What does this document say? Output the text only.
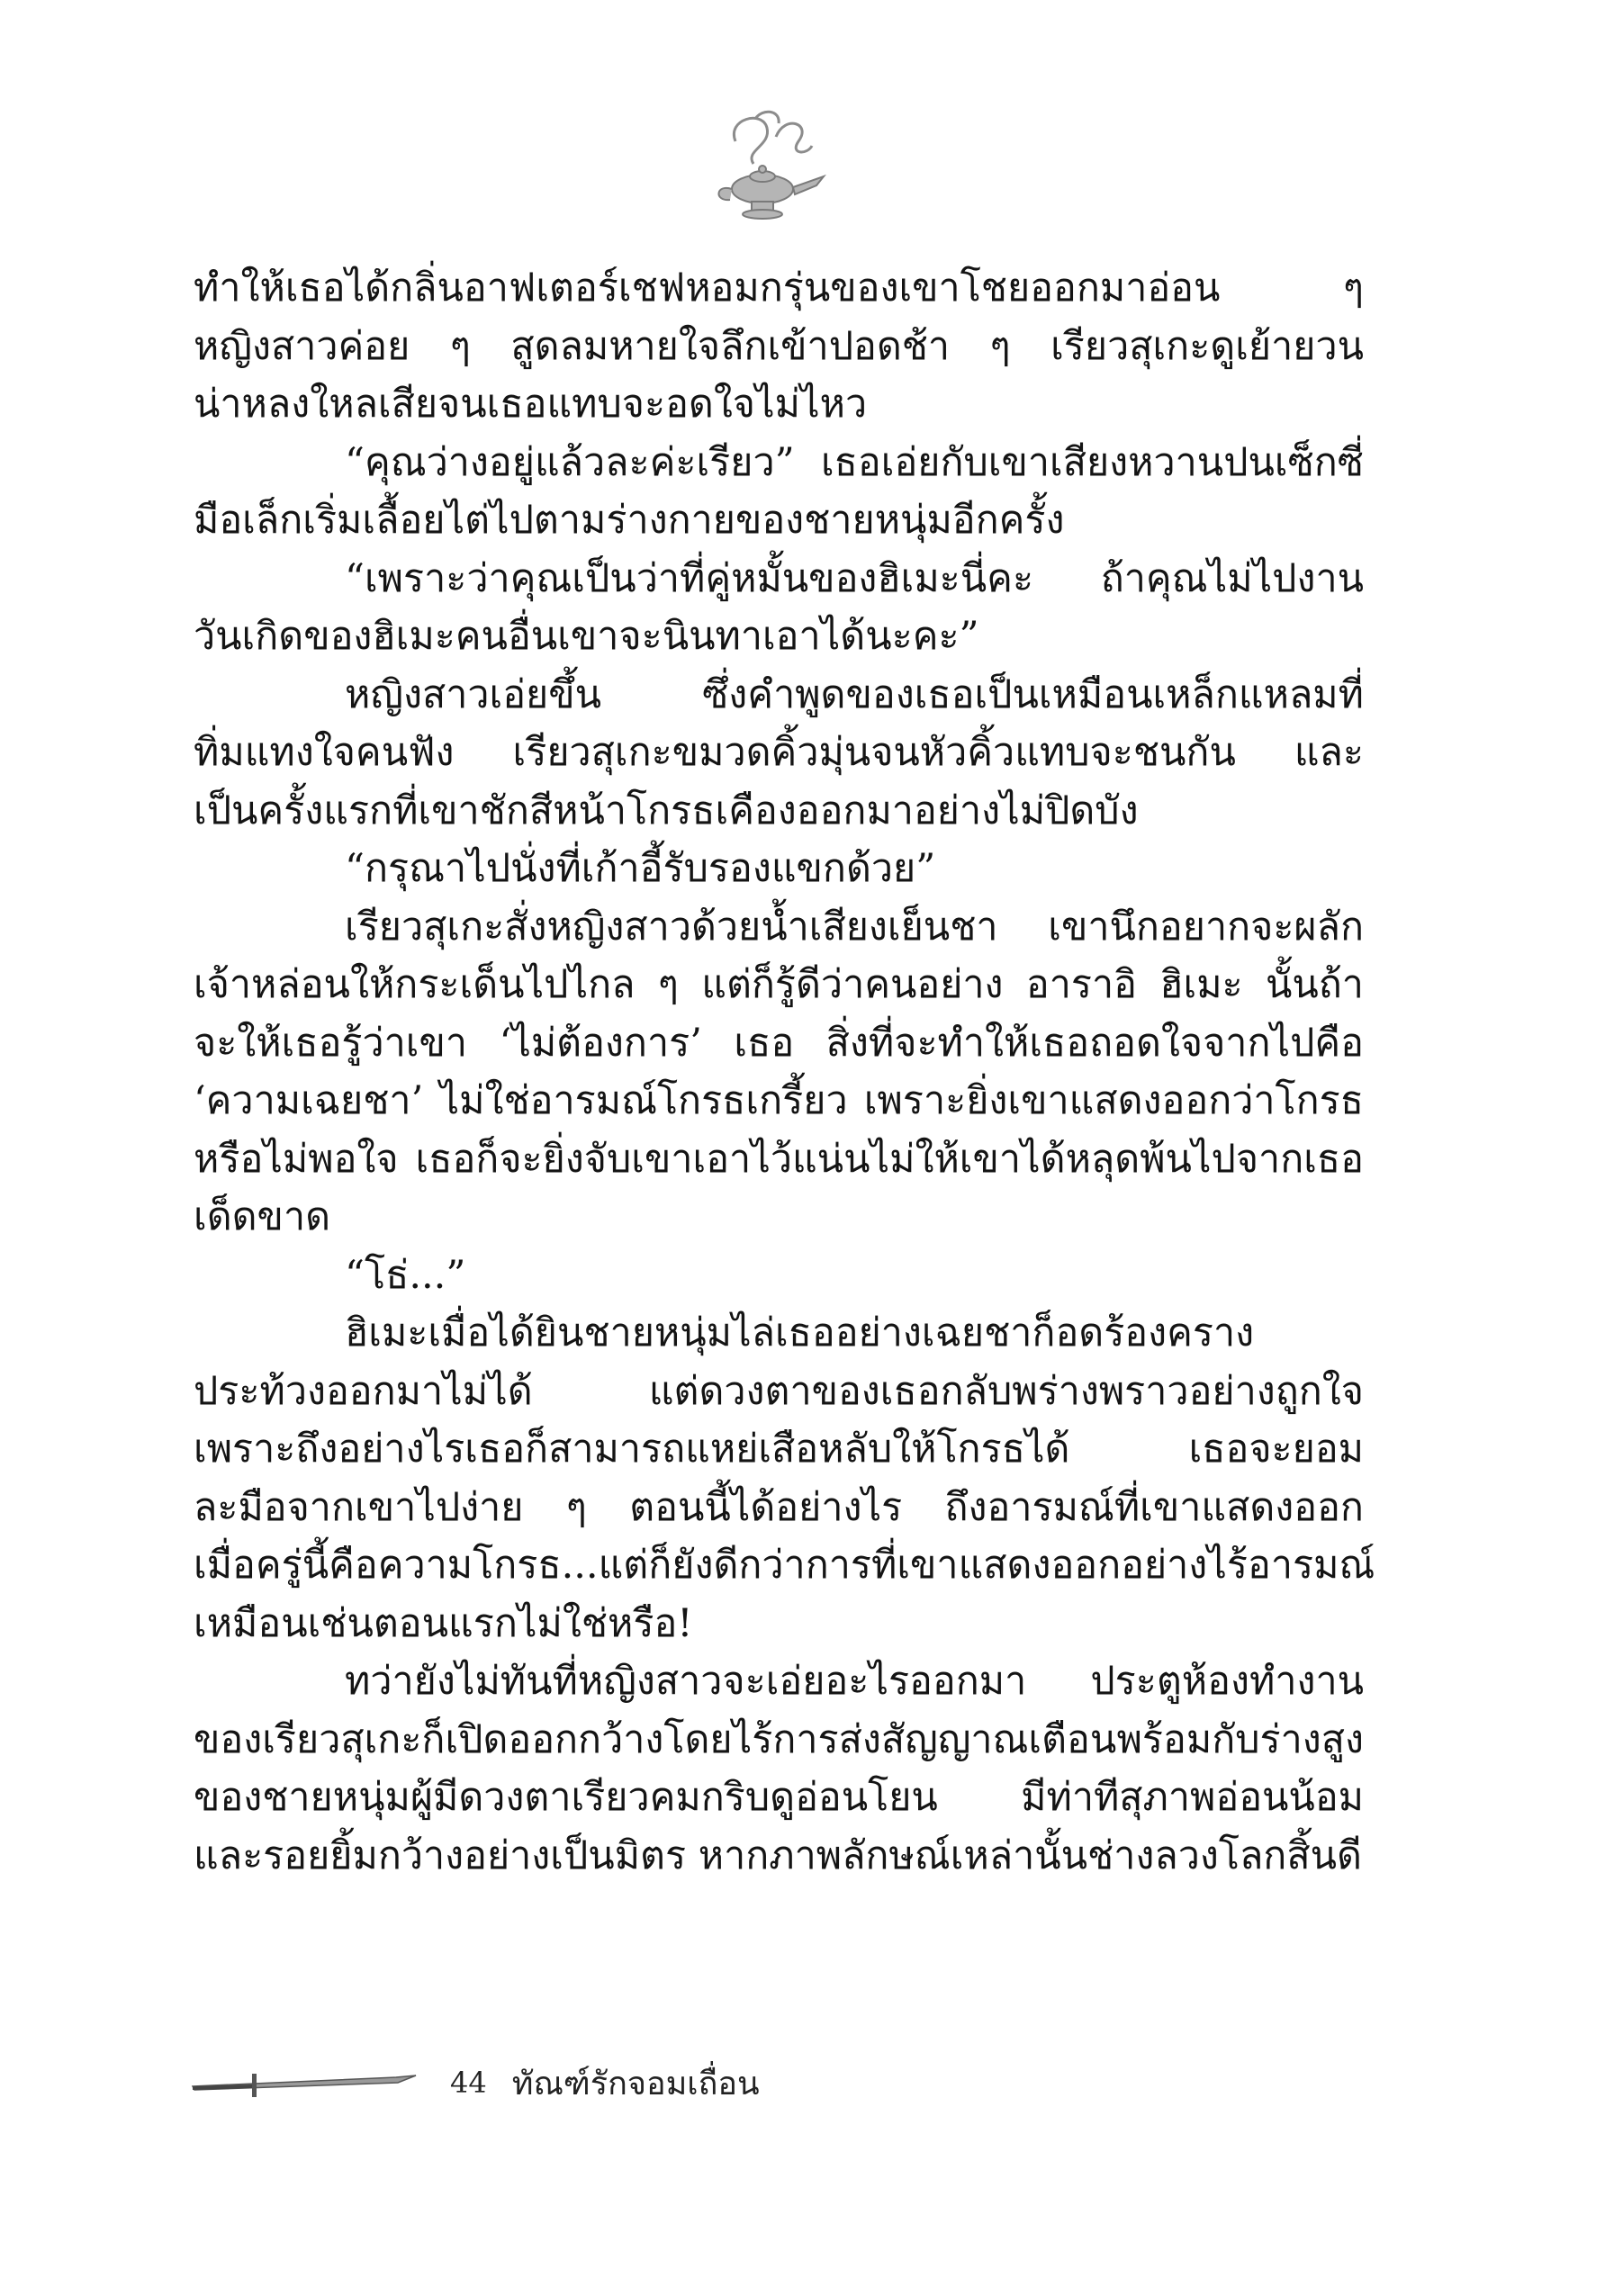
ทำให้เธอได้กลิ่นอาฟเตอร์เชฟหอมกรุ่นของเขาโชยออกมาอ่อน	ๆ
หญิงสาวค่อย ๆ สูดลมหายใจลึกเข้าปอดช้า ๆ เรียวสุเกะดูเย้ายวน
น่าหลงใหลเสียจนเธอแทบจะอดใจไม่ไหว
“คุณว่างอยู่แล้วละค่ะเรียว” เธอเอ่ยกับเขาเสียงหวานปนเซ็กซี่
มือเล็กเริ่มเลื้อยไต่ไปตามร่างกายของชายหนุ่มอีกครั้ง
“เพราะว่าคุณเป็นว่าที่คู่หมั้นของฮิเมะนี่คะ ถ้าคุณไม่ไปงาน
วันเกิดของฮิเมะคนอื่นเขาจะนินทาเอาได้นะคะ”
หญิงสาวเอ่ยขึ้น	ซึ่งคำพูดของเธอเป็นเหมือนเหล็กแหลมที่
ทิ่มแทงใจคนฟัง เรียวสุเกะขมวดคิ้วมุ่นจนหัวคิ้วแทบจะชนกัน และ
เป็นครั้งแรกที่เขาชักสีหน้าโกรธเคืองออกมาอย่างไม่ปิดบัง
“กรุณาไปนั่งที่เก้าอี้รับรองแขกด้วย”
เรียวสุเกะสั่งหญิงสาวด้วยน้ำเสียงเย็นชา เขานึกอยากจะผลัก
เจ้าหล่อนให้กระเด็นไปไกล ๆ แต่ก็รู้ดีว่าคนอย่าง อาราอิ ฮิเมะ นั้นถ้า
จะให้เธอรู้ว่าเขา ‘ไม่ต้องการ’ เธอ สิ่งที่จะทำให้เธอถอดใจจากไปคือ
‘ความเฉยชา’ ไม่ใช่อารมณ์โกรธเกรี้ยว เพราะยิ่งเขาแสดงออกว่าโกรธ
หรือไม่พอใจ เธอก็จะยิ่งจับเขาเอาไว้แน่นไม่ให้เขาได้หลุดพ้นไปจากเธอ
เด็ดขาด
“โธ่...”
ฮิเมะเมื่อได้ยินชายหนุ่มไล่เธออย่างเฉยชาก็อดร้องคราง
ประท้วงออกมาไม่ได้	แต่ดวงตาของเธอกลับพร่างพราวอย่างถูกใจ
เพราะถึงอย่างไรเธอก็สามารถแหย่เสือหลับให้โกรธได้	เธอจะยอม
ละมือจากเขาไปง่าย ๆ ตอนนี้ได้อย่างไร ถึงอารมณ์ที่เขาแสดงออก
เมื่อครู่นี้คือความโกรธ...แต่ก็ยังดีกว่าการที่เขาแสดงออกอย่างไร้อารมณ์
เหมือนเช่นตอนแรกไม่ใช่หรือ!
ทว่ายังไม่ทันที่หญิงสาวจะเอ่ยอะไรออกมา ประตูห้องทำงาน
ของเรียวสุเกะก็เปิดออกกว้างโดยไร้การส่งสัญญาณเตือน พร้อมกับร่างสูง
ของชายหนุ่มผู้มีดวงตาเรียวคมกริบดูอ่อนโยน มีท่าทีสุภาพอ่อนน้อม
และรอยยิ้มกว้างอย่างเป็นมิตร หากภาพลักษณ์เหล่านั้นช่างลวงโลกสิ้นดี
44 ทัณฑ์รักจอมเถื่อน
